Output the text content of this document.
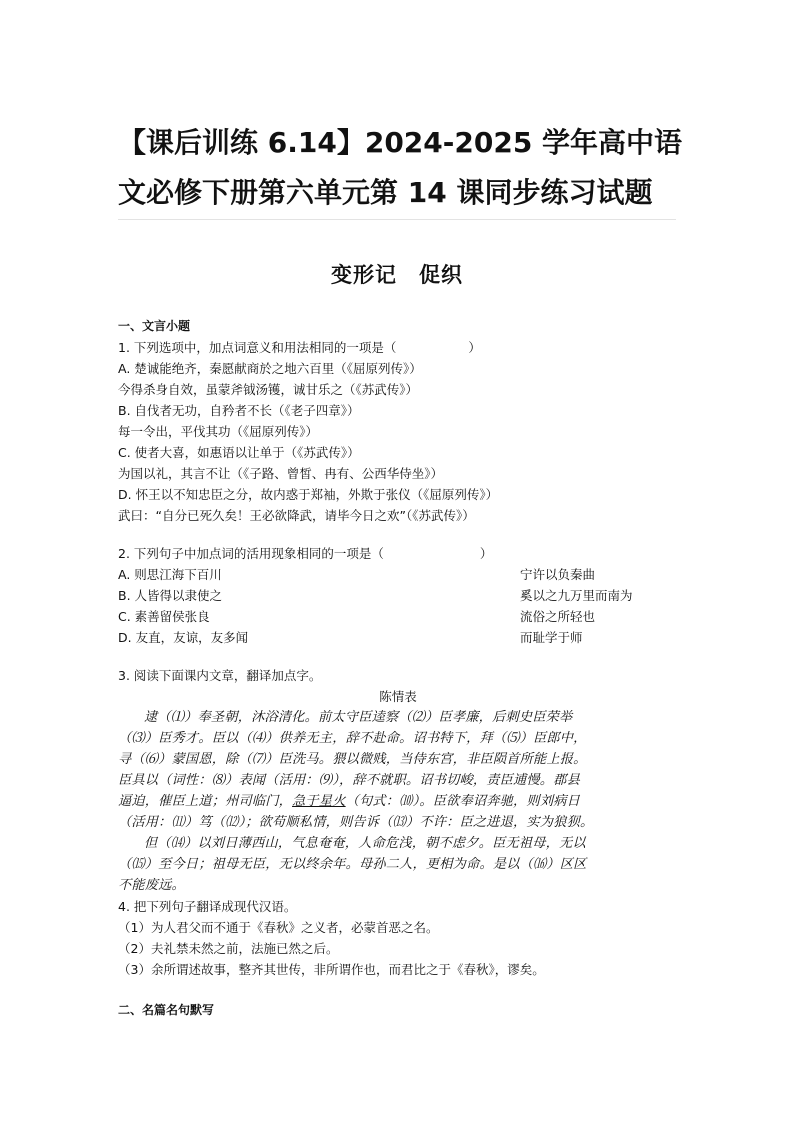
【课后训练 6.14】2024-2025 学年高中语
文必修下册第六单元第 14 课同步练习试题
变形记 促织
一、文言小题
1. 下列选项中，加点词意义和用法相同的一项是（	）
A. 楚诚能绝齐，秦愿献商於之地六百里（《屈原列传》）
今得杀身自效，虽蒙斧钺汤镬，诚甘乐之（《苏武传》）
B. 自伐者无功，自矜者不长（《老子四章》）
每一令出，平伐其功（《屈原列传》）
C. 使者大喜，如惠语以让单于（《苏武传》）
为国以礼，其言不让（《子路、曾皙、冉有、公西华侍坐》）
D. 怀王以不知忠臣之分，故内惑于郑袖，外欺于张仪（《屈原列传》）
武曰：“自分已死久矣！王必欲降武，请毕今日之欢”（《苏武传》）
2. 下列句子中加点词的活用现象相同的一项是（	）
A. 则思江海下百川	宁许以负秦曲
B. 人皆得以隶使之	奚以之九万里而南为
C. 素善留侯张良	流俗之所轻也
D. 友直，友谅，友多闻	而耻学于师
3. 阅读下面课内文章，翻译加点字。
陈情表
逮（⑴）奉圣朝，沐浴清化。前太守臣逵察（⑵）臣孝廉，后刺史臣荣举
（⑶）臣秀才。臣以（⑷）供养无主，辞不赴命。诏书特下，拜（⑸）臣郎中，
寻（⑹）蒙国恩，除（⑺）臣洗马。猥以微贱，当侍东宫，非臣陨首所能上报。
臣具以（词性：⑻）表闻（活用：⑼），辞不就职。诏书切峻，责臣逋慢。郡县
逼迫，催臣上道；州司临门，急于星火（句式：⑽）。臣欲奉诏奔驰，则刘病日
（活用：⑾）笃（⑿）；欲苟顺私情，则告诉（⒀）不许：臣之进退，实为狼狈。
但（⒁）以刘日薄西山，气息奄奄，人命危浅，朝不虑夕。臣无祖母，无以
（⒂）至今日；祖母无臣，无以终余年。母孙二人，更相为命。是以（⒃）区区
不能废远。
4. 把下列句子翻译成现代汉语。
（1）为人君父而不通于《春秋》之义者，必蒙首恶之名。
（2）夫礼禁未然之前，法施已然之后。
（3）余所谓述故事，整齐其世传，非所谓作也，而君比之于《春秋》，谬矣。
二、名篇名句默写
